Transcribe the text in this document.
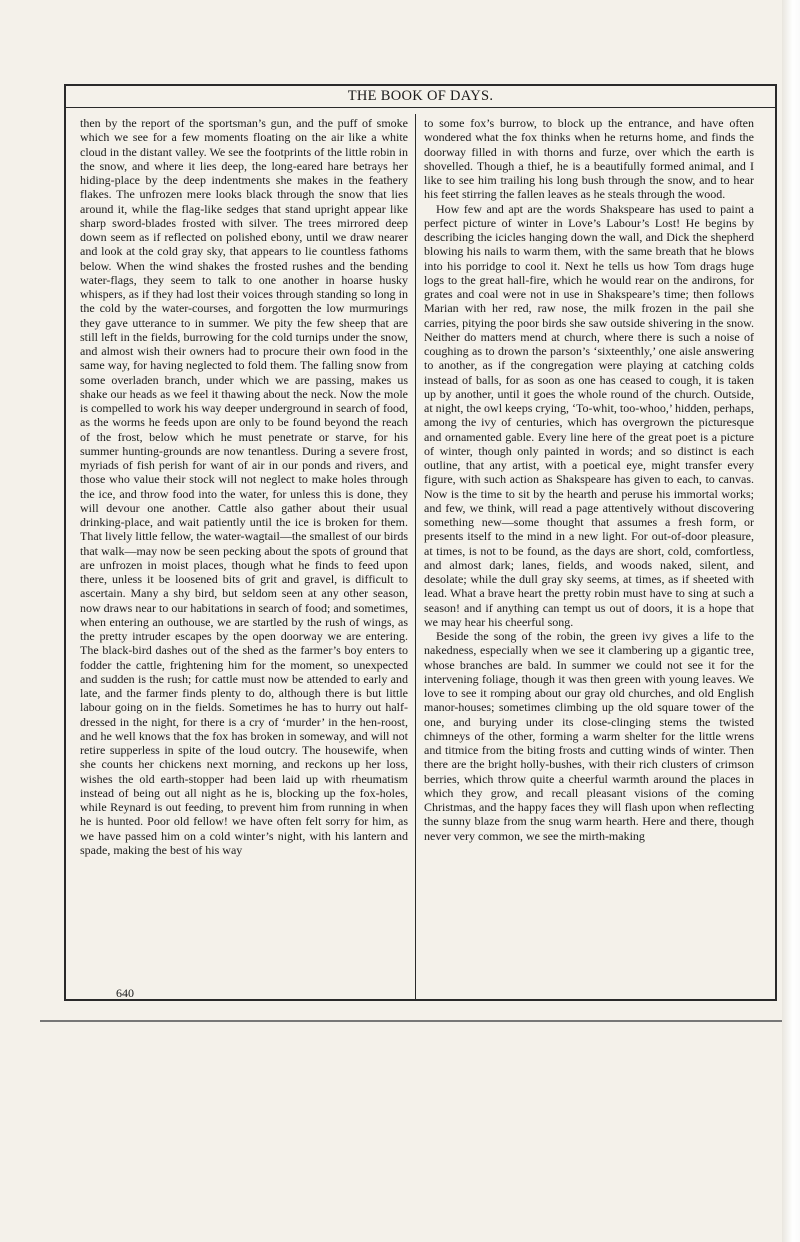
THE BOOK OF DAYS.

then by the report of the sportsman’s gun, and the puff of smoke which we see for a few moments floating on the air like a white cloud in the distant valley. We see the footprints of the little robin in the snow, and where it lies deep, the long-eared hare betrays her hiding-place by the deep indentments she makes in the feathery flakes. The unfrozen mere looks black through the snow that lies around it, while the flag-like sedges that stand upright appear like sharp sword-blades frosted with silver. The trees mirrored deep down seem as if reflected on polished ebony, until we draw nearer and look at the cold gray sky, that appears to lie countless fathoms below. When the wind shakes the frosted rushes and the bending water-flags, they seem to talk to one another in hoarse husky whispers, as if they had lost their voices through standing so long in the cold by the water-courses, and forgotten the low murmurings they gave utterance to in summer. We pity the few sheep that are still left in the fields, burrowing for the cold turnips under the snow, and almost wish their owners had to procure their own food in the same way, for having neglected to fold them. The falling snow from some overladen branch, under which we are passing, makes us shake our heads as we feel it thawing about the neck. Now the mole is compelled to work his way deeper underground in search of food, as the worms he feeds upon are only to be found beyond the reach of the frost, below which he must penetrate or starve, for his summer hunting-grounds are now tenantless. During a severe frost, myriads of fish perish for want of air in our ponds and rivers, and those who value their stock will not neglect to make holes through the ice, and throw food into the water, for unless this is done, they will devour one another. Cattle also gather about their usual drinking-place, and wait patiently until the ice is broken for them. That lively little fellow, the water-wagtail—the smallest of our birds that walk—may now be seen pecking about the spots of ground that are unfrozen in moist places, though what he finds to feed upon there, unless it be loosened bits of grit and gravel, is difficult to ascertain. Many a shy bird, but seldom seen at any other season, now draws near to our habitations in search of food; and sometimes, when entering an outhouse, we are startled by the rush of wings, as the pretty intruder escapes by the open doorway we are entering. The black-bird dashes out of the shed as the farmer’s boy enters to fodder the cattle, frightening him for the moment, so unexpected and sudden is the rush; for cattle must now be attended to early and late, and the farmer finds plenty to do, although there is but little labour going on in the fields. Sometimes he has to hurry out half-dressed in the night, for there is a cry of ‘murder’ in the hen-roost, and he well knows that the fox has broken in someway, and will not retire supperless in spite of the loud outcry. The housewife, when she counts her chickens next morning, and reckons up her loss, wishes the old earth-stopper had been laid up with rheumatism instead of being out all night as he is, blocking up the fox-holes, while Reynard is out feeding, to prevent him from running in when he is hunted. Poor old fellow! we have often felt sorry for him, as we have passed him on a cold winter’s night, with his lantern and spade, making the best of his way

to some fox’s burrow, to block up the entrance, and have often wondered what the fox thinks when he returns home, and finds the doorway filled in with thorns and furze, over which the earth is shovelled. Though a thief, he is a beautifully formed animal, and I like to see him trailing his long bush through the snow, and to hear his feet stirring the fallen leaves as he steals through the wood.

How few and apt are the words Shakspeare has used to paint a perfect picture of winter in Love’s Labour’s Lost! He begins by describing the icicles hanging down the wall, and Dick the shepherd blowing his nails to warm them, with the same breath that he blows into his porridge to cool it. Next he tells us how Tom drags huge logs to the great hall-fire, which he would rear on the andirons, for grates and coal were not in use in Shakspeare’s time; then follows Marian with her red, raw nose, the milk frozen in the pail she carries, pitying the poor birds she saw outside shivering in the snow. Neither do matters mend at church, where there is such a noise of coughing as to drown the parson’s ‘sixteenthly,’ one aisle answering to another, as if the congregation were playing at catching colds instead of balls, for as soon as one has ceased to cough, it is taken up by another, until it goes the whole round of the church. Outside, at night, the owl keeps crying, ‘To-whit, too-whoo,’ hidden, perhaps, among the ivy of centuries, which has overgrown the picturesque and ornamented gable. Every line here of the great poet is a picture of winter, though only painted in words; and so distinct is each outline, that any artist, with a poetical eye, might transfer every figure, with such action as Shakspeare has given to each, to canvas. Now is the time to sit by the hearth and peruse his immortal works; and few, we think, will read a page attentively without discovering something new—some thought that assumes a fresh form, or presents itself to the mind in a new light. For out-of-door pleasure, at times, is not to be found, as the days are short, cold, comfortless, and almost dark; lanes, fields, and woods naked, silent, and desolate; while the dull gray sky seems, at times, as if sheeted with lead. What a brave heart the pretty robin must have to sing at such a season! and if anything can tempt us out of doors, it is a hope that we may hear his cheerful song.

Beside the song of the robin, the green ivy gives a life to the nakedness, especially when we see it clambering up a gigantic tree, whose branches are bald. In summer we could not see it for the intervening foliage, though it was then green with young leaves. We love to see it romping about our gray old churches, and old English manor-houses; sometimes climbing up the old square tower of the one, and burying under its close-clinging stems the twisted chimneys of the other, forming a warm shelter for the little wrens and titmice from the biting frosts and cutting winds of winter. Then there are the bright holly-bushes, with their rich clusters of crimson berries, which throw quite a cheerful warmth around the places in which they grow, and recall pleasant visions of the coming Christmas, and the happy faces they will flash upon when reflecting the sunny blaze from the snug warm hearth. Here and there, though never very common, we see the mirth-making

640
